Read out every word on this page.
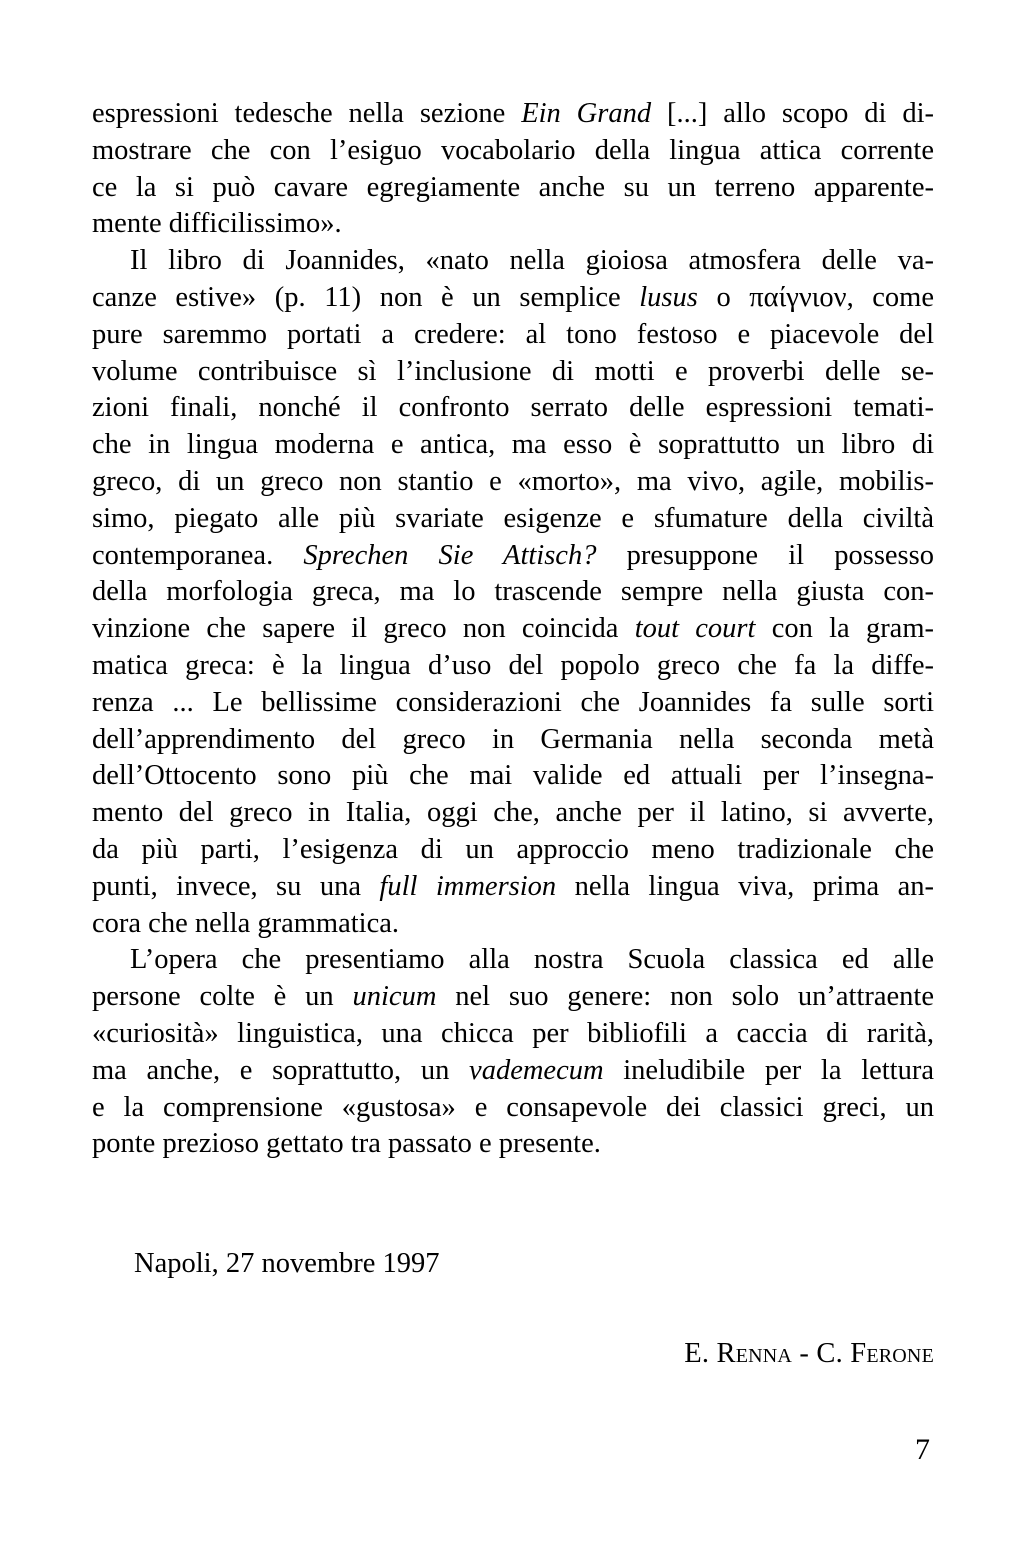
espressioni tedesche nella sezione Ein Grand [...] allo scopo di di-
mostrare che con l’esiguo vocabolario della lingua attica corrente
ce la si può cavare egregiamente anche su un terreno apparente-
mente difficilissimo».

Il libro di Joannides, «nato nella gioiosa atmosfera delle va-
canze estive» (p. 11) non è un semplice lusus o παίγνιον, come
pure saremmo portati a credere: al tono festoso e piacevole del
volume contribuisce sì l’inclusione di motti e proverbi delle se-
zioni finali, nonché il confronto serrato delle espressioni temati-
che in lingua moderna e antica, ma esso è soprattutto un libro di
greco, di un greco non stantio e «morto», ma vivo, agile, mobilis-
simo, piegato alle più svariate esigenze e sfumature della civiltà
contemporanea. Sprechen Sie Attisch? presuppone il possesso
della morfologia greca, ma lo trascende sempre nella giusta con-
vinzione che sapere il greco non coincida tout court con la gram-
matica greca: è la lingua d’uso del popolo greco che fa la diffe-
renza ... Le bellissime considerazioni che Joannides fa sulle sorti
dell’apprendimento del greco in Germania nella seconda metà
dell’Ottocento sono più che mai valide ed attuali per l’insegna-
mento del greco in Italia, oggi che, anche per il latino, si avverte,
da più parti, l’esigenza di un approccio meno tradizionale che
punti, invece, su una full immersion nella lingua viva, prima an-
cora che nella grammatica.

L’opera che presentiamo alla nostra Scuola classica ed alle
persone colte è un unicum nel suo genere: non solo un’attraente
«curiosità» linguistica, una chicca per bibliofili a caccia di rarità,
ma anche, e soprattutto, un vademecum ineludibile per la lettura
e la comprensione «gustosa» e consapevole dei classici greci, un
ponte prezioso gettato tra passato e presente.

Napoli, 27 novembre 1997
E. Renna - C. Ferone
7
